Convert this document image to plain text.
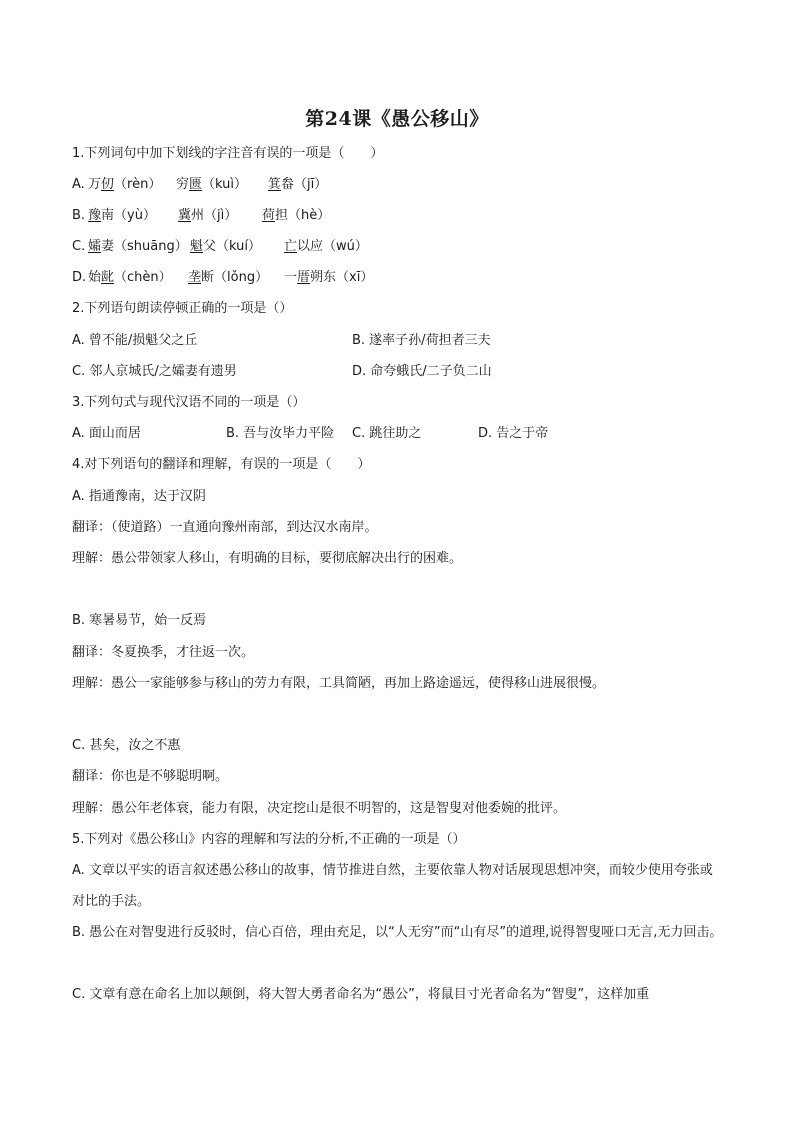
第24课《愚公移山》
1.下列词句中加下划线的字注音有误的一项是（　　）
A. 万仞（rèn） 穷匮（kuì） 箕畚（jī）
B. 豫南（yù） 冀州（jì） 荷担（hè）
C. 孀妻（shuāng） 魁父（kuí） 亡以应（wú）
D. 始龀（chèn） 垄断（lǒng） 一厝朔东（xī）
2.下列语句朗读停顿正确的一项是（）
A. 曾不能/损魁父之丘	B. 遂率子孙/荷担者三夫
C. 邻人京城氏/之孀妻有遗男	D. 命夸蛾氏/二子负二山
3.下列句式与现代汉语不同的一项是（）
A. 面山而居	B. 吾与汝毕力平险 C. 跳往助之	D. 告之于帝
4.对下列语句的翻译和理解，有误的一项是（　　）
A. 指通豫南，达于汉阴
翻译：（使道路）一直通向豫州南部，到达汉水南岸。
理解：愚公带领家人移山，有明确的目标，要彻底解决出行的困难。
B. 寒暑易节，始一反焉
翻译：冬夏换季，才往返一次。
理解：愚公一家能够参与移山的劳力有限，工具简陋，再加上路途遥远，使得移山进展很慢。
C. 甚矣，汝之不惠
翻译：你也是不够聪明啊。
理解：愚公年老体衰，能力有限，决定挖山是很不明智的，这是智叟对他委婉的批评。
5.下列对《愚公移山》内容的理解和写法的分析,不正确的一项是（）
A. 文章以平实的语言叙述愚公移山的故事，情节推进自然，主要依靠人物对话展现思想冲突，而较少使用夸张或对比的手法。
B. 愚公在对智叟进行反驳时，信心百倍，理由充足，以“人无穷”而“山有尽”的道理,说得智叟哑口无言,无力回击。
C. 文章有意在命名上加以颠倒，将大智大勇者命名为“愚公”，将鼠目寸光者命名为“智叟”，这样加重
